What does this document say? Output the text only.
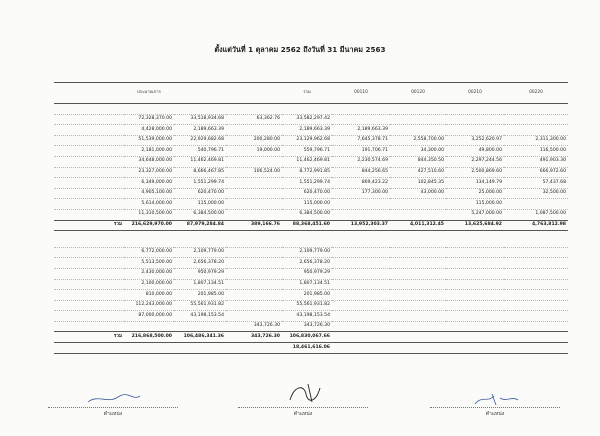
ตั้งแต่วันที่ 1 ตุลาคม 2562 ถึงวันที่ 31 มีนาคม 2563
	ประมาณการ			รวม	00110	00120	00210	00220

	72,328,370.00	33,518,934.68	63,362.76	33,582,297.42				
	4,428,000.00	2,189,663.39		2,189,663.39	2,189,663.39			
	51,539,000.00	22,929,682.68	200,280.00	23,129,962.68	7,645,378.71	2,558,700.00	3,252,620.97	2,311,300.00
	2,181,000.00	540,796.71	19,000.00	559,796.71	191,706.71	34,300.00	49,800.00	116,500.00
	34,648,000.00	11,462,469.81		11,462,469.81	2,230,574.69	844,350.50	2,297,244.56	491,903.30
	23,327,000.00	8,666,467.85	106,524.00	8,772,991.85	844,256.65	427,510.60	2,500,869.60	666,972.60
	6,349,000.00	1,551,299.74		1,551,299.74	869,423.22	102,845.35	134,149.79	57,437.68
	4,905,100.00	620,470.00		620,470.00	177,300.00	43,000.00	25,000.00	32,500.00
	5,614,000.00	115,000.00		115,000.00			115,000.00	
	11,310,500.00	6,384,500.00		6,384,500.00			5,247,000.00	1,087,500.00
รวม	216,629,970.00	87,979,284.84	389,166.76	88,368,451.60	13,952,303.37	4,011,312.45	13,625,684.92	4,763,812.98

	6,772,000.00	2,109,779.00		2,109,779.00				
	5,513,500.00	2,656,378.20		2,656,378.20				
	2,430,000.00	950,979.29		950,979.29				
	2,100,000.00	1,807,134.51		1,807,134.51				
	810,000.00	201,985.00		201,985.00				
	112,243,000.00	55,561,931.82		55,561,931.82				
	87,000,000.00	43,198,153.54		43,198,153.54				
			343,726.30	343,726.30				
รวม	216,868,500.00	106,486,341.36	343,726.30	106,830,067.66				
				18,461,616.06				
ตำแหน่ง	ตำแหน่ง	ตำแหน่ง
